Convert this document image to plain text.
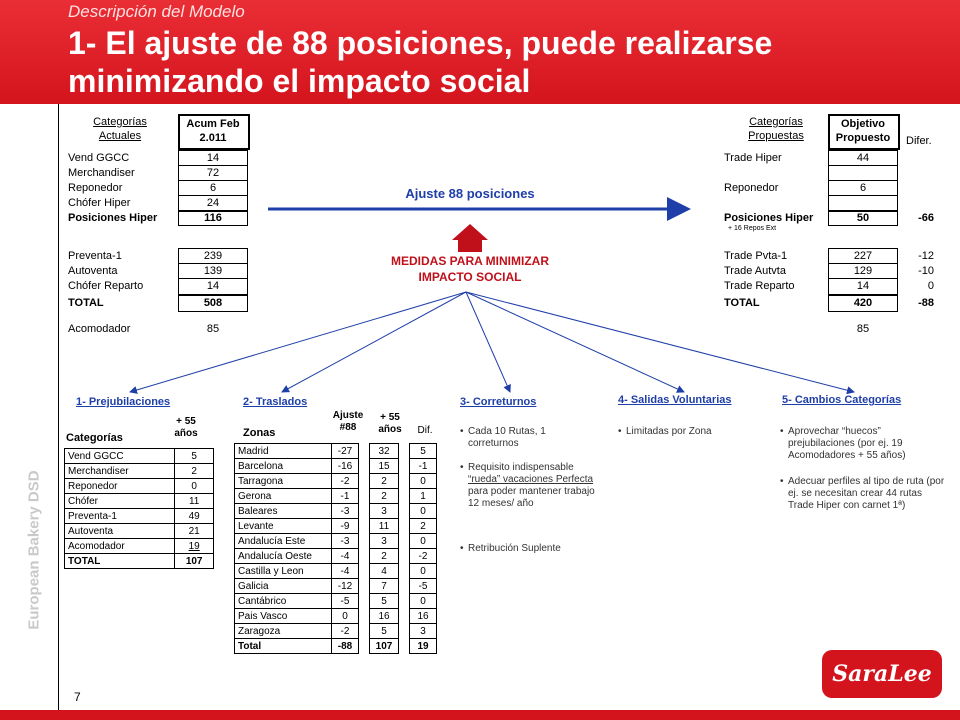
Descripción del Modelo
1- El ajuste de 88 posiciones, puede realizarse minimizando el impacto social
European Bakery DSD
7
SaraLee
Categorías
Actuales
Acum Feb
2.011
Vend GGCC	14
Merchandiser	72
Reponedor	6
Chófer Hiper	24
Posiciones Hiper	116
Preventa-1	239
Autoventa	139
Chófer Reparto	14
TOTAL	508
Acomodador	85
Ajuste 88 posiciones
MEDIDAS PARA MINIMIZAR
IMPACTO SOCIAL
Categorías
Propuestas
Objetivo
Propuesto	Difer.
Trade Hiper	44
Reponedor	6
Posiciones Hiper	50	-66
+ 16 Repos Ext
Trade Pvta-1	227	-12
Trade Autvta	129	-10
Trade Reparto	14	0
TOTAL	420	-88
85
1- Prejubilaciones	2- Traslados	3- Correturnos	4- Salidas Voluntarias	5- Cambios Categorías
+ 55
años
Categorías
Vend GGCC	5
Merchandiser	2
Reponedor	0
Chófer	11
Preventa-1	49
Autoventa	21
Acomodador	19
TOTAL	107
Ajuste
#88
+ 55
años	Dif.
Zonas
Madrid	-27		32		5
Barcelona	-16		15		-1
Tarragona	-2		2		0
Gerona	-1		2		1
Baleares	-3		3		0
Levante	-9		11		2
Andalucía Este	-3		3		0
Andalucía Oeste	-4		2		-2
Castilla y Leon	-4		4		0
Galicia	-12		7		-5
Cantábrico	-5		5		0
Pais Vasco	0		16		16
Zaragoza	-2		5		3
Total	-88		107		19
• Cada 10 Rutas, 1 correturnos
• Requisito indispensable “rueda” vacaciones Perfecta para poder mantener trabajo 12 meses/ año
• Retribución Suplente
• Limitadas por Zona	• Aprovechar “huecos” prejubilaciones (por ej. 19 Acomodadores + 55 años)
• Adecuar perfiles al tipo de ruta (por ej. se necesitan crear 44 rutas Trade Hiper con carnet 1ª)
